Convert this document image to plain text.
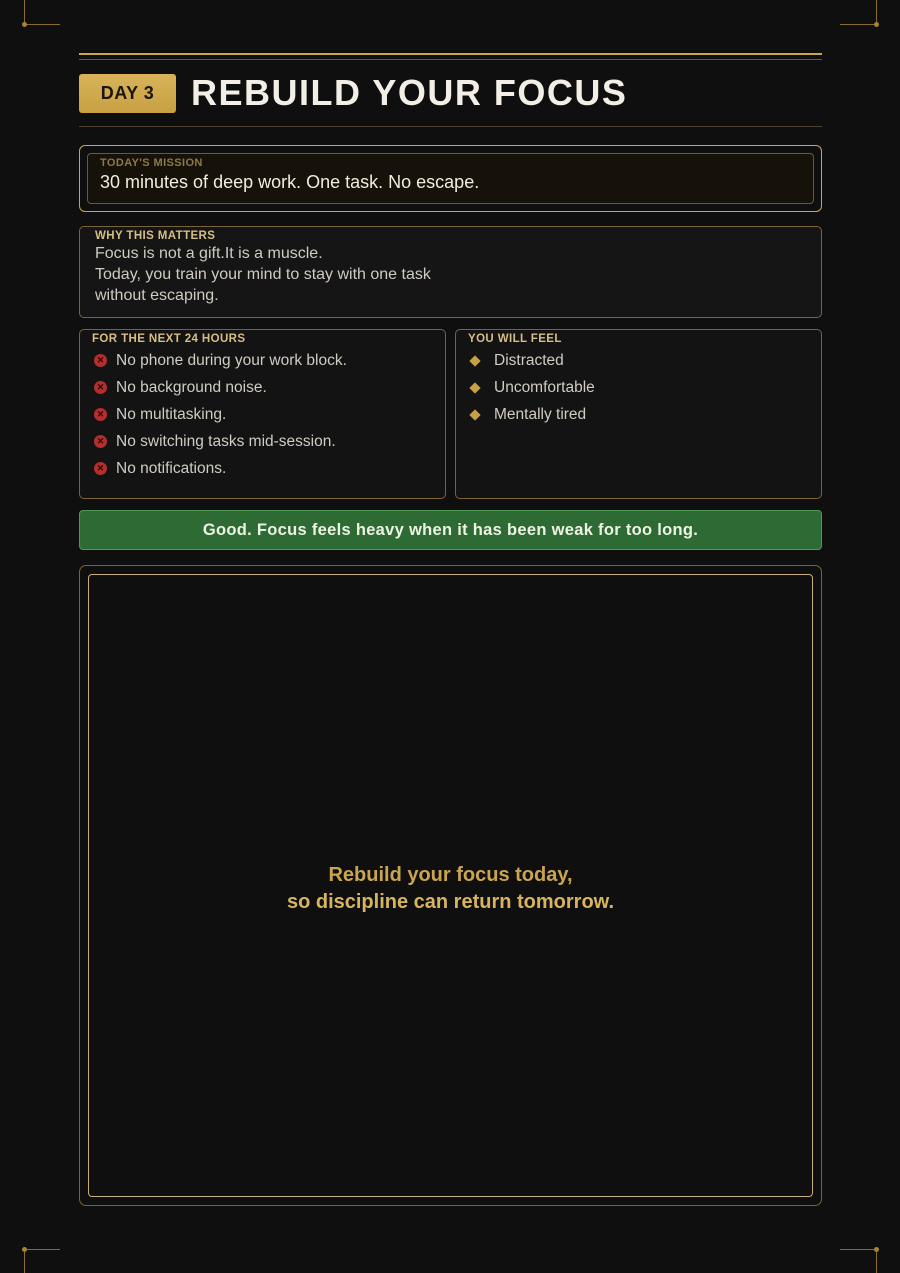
DAY 3	REBUILD YOUR FOCUS
TODAY'S MISSION
30 minutes of deep work. One task. No escape.
WHY THIS MATTERS
Focus is not a gift.It is a muscle.
Today, you train your mind to stay with one task
without escaping.
FOR THE NEXT 24 HOURS
✕ No phone during your work block.
✕ No background noise.
✕ No multitasking.
✕ No switching tasks mid-session.
✕ No notifications.
YOU WILL FEEL
Distracted
Uncomfortable
Mentally tired
Good. Focus feels heavy when it has been weak for too long.
Rebuild your focus today,
so discipline can return tomorrow.
